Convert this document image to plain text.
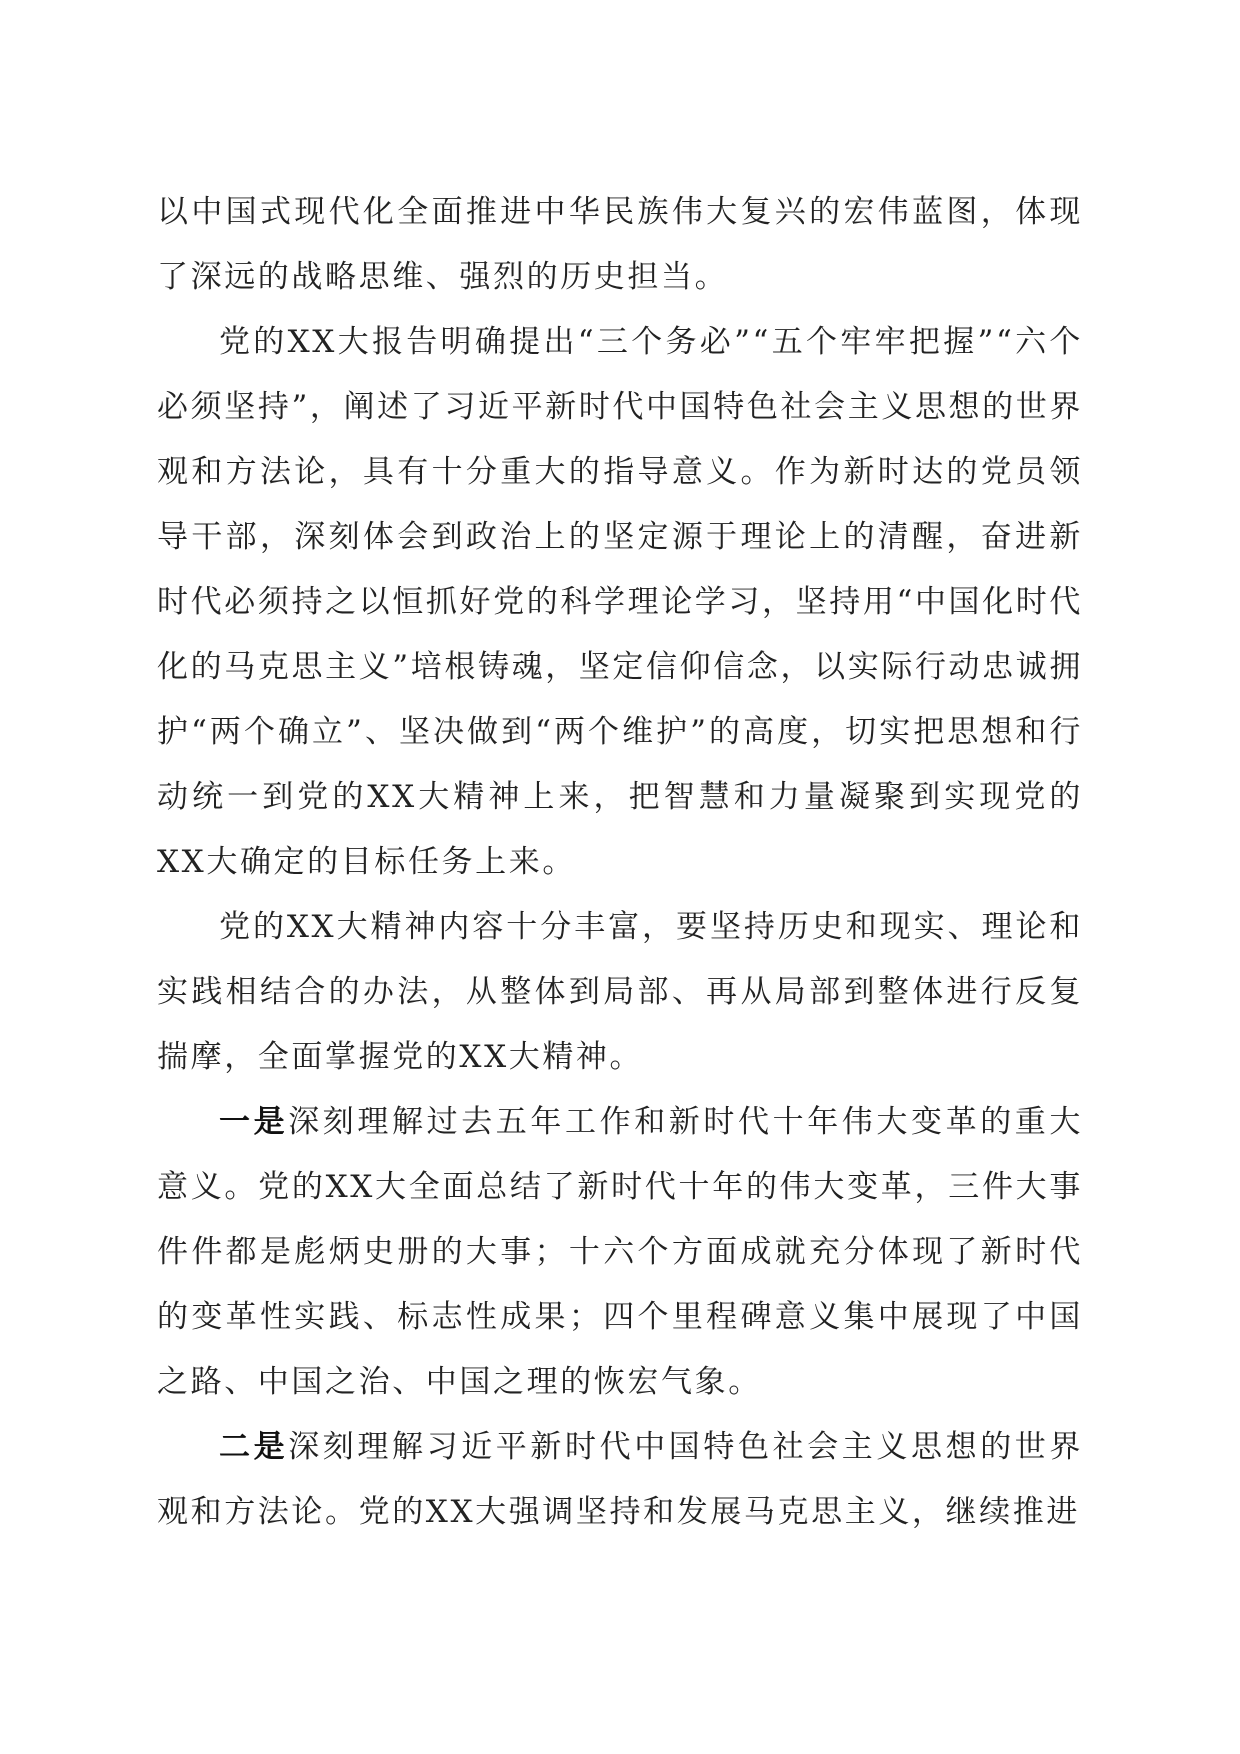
以中国式现代化全面推进中华民族伟大复兴的宏伟蓝图，体现了深远的战略思维、强烈的历史担当。

党的XX大报告明确提出“三个务必”“五个牢牢把握”“六个必须坚持”，阐述了习近平新时代中国特色社会主义思想的世界观和方法论，具有十分重大的指导意义。作为新时达的党员领导干部，深刻体会到政治上的坚定源于理论上的清醒，奋进新时代必须持之以恒抓好党的科学理论学习，坚持用“中国化时代化的马克思主义”培根铸魂，坚定信仰信念，以实际行动忠诚拥护“两个确立”、坚决做到“两个维护”的高度，切实把思想和行动统一到党的XX大精神上来，把智慧和力量凝聚到实现党的XX大确定的目标任务上来。

党的XX大精神内容十分丰富，要坚持历史和现实、理论和实践相结合的办法，从整体到局部、再从局部到整体进行反复揣摩，全面掌握党的XX大精神。

一是深刻理解过去五年工作和新时代十年伟大变革的重大意义。党的XX大全面总结了新时代十年的伟大变革，三件大事件件都是彪炳史册的大事；十六个方面成就充分体现了新时代的变革性实践、标志性成果；四个里程碑意义集中展现了中国之路、中国之治、中国之理的恢宏气象。

二是深刻理解习近平新时代中国特色社会主义思想的世界观和方法论。党的XX大强调坚持和发展马克思主义，继续推进
